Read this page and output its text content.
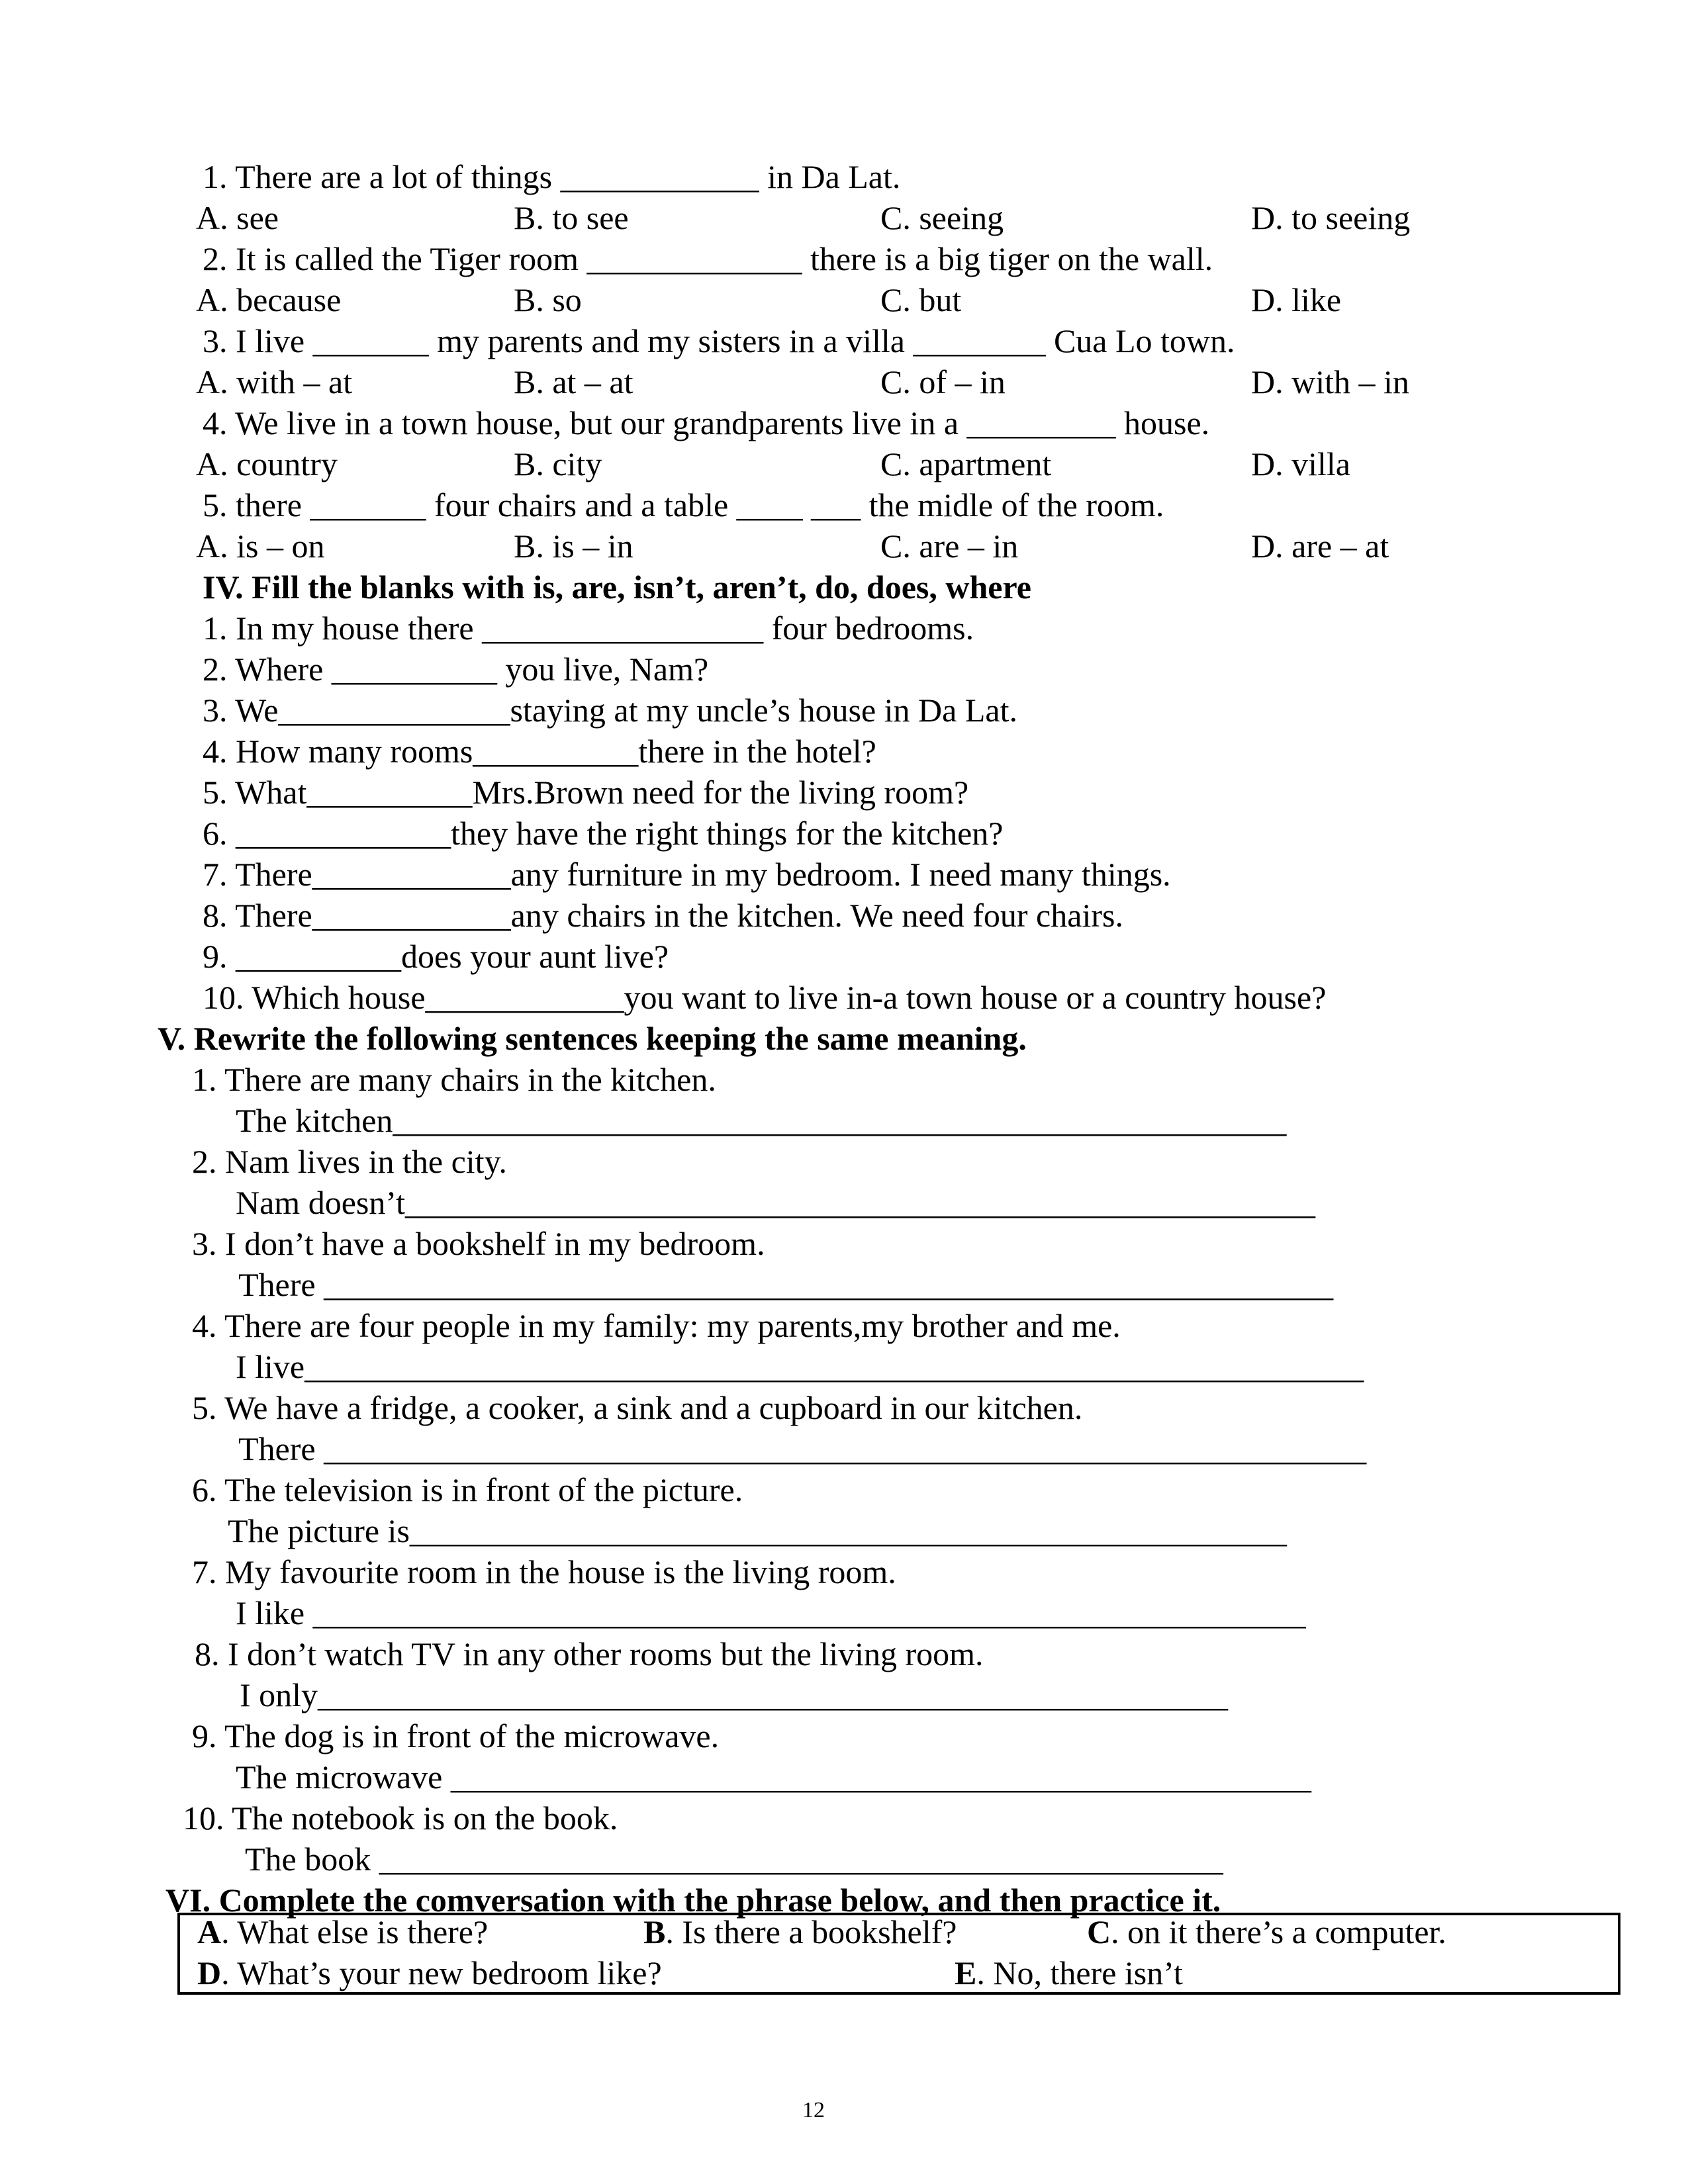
1. There are a lot of things ____________ in Da Lat.
A. see	B. to see	C. seeing	D. to seeing
2. It is called the Tiger room _____________ there is a big tiger on the wall.
A. because	B. so	C. but	D. like
3. I live _______ my parents and my sisters in a villa ________ Cua Lo town.
A. with – at	B. at – at	C. of – in	D. with – in
4. We live in a town house, but our grandparents live in a _________ house.
A. country	B. city	C. apartment	D. villa
5. there _______ four chairs and a table ____ ___ the midle of the room.
A. is – on	B. is – in	C. are – in	D. are – at
IV. Fill the blanks with is, are, isn’t, aren’t, do, does, where
1. In my house there _________________ four bedrooms.
2. Where __________ you live, Nam?
3. We______________staying at my uncle’s house in Da Lat.
4. How many rooms__________there in the hotel?
5. What__________Mrs.Brown need for the living room?
6. _____________they have the right things for the kitchen?
7. There____________any furniture in my bedroom. I need many things.
8. There____________any chairs in the kitchen. We need four chairs.
9. __________does your aunt live?
10. Which house____________you want to live in-a town house or a country house?
V. Rewrite the following sentences keeping the same meaning.
1. There are many chairs in the kitchen.
The kitchen______________________________________________________
2. Nam lives in the city.
Nam doesn’t_______________________________________________________
3. I don’t have a bookshelf in my bedroom.
There _____________________________________________________________
4. There are four people in my family: my parents,my brother and me.
I live________________________________________________________________
5. We have a fridge, a cooker, a sink and a cupboard in our kitchen.
There _______________________________________________________________
6. The television is in front of the picture.
The picture is_____________________________________________________
7. My favourite room in the house is the living room.
I like ____________________________________________________________
8. I don’t watch TV in any other rooms but the living room.
I only_______________________________________________________
9. The dog is in front of the microwave.
The microwave ____________________________________________________
10. The notebook is on the book.
The book ___________________________________________________
VI. Complete the comversation with the phrase below, and then practice it.
A. What else is there?	B. Is there a bookshelf?	C. on it there’s a computer.
D. What’s your new bedroom like?	E. No, there isn’t
12
